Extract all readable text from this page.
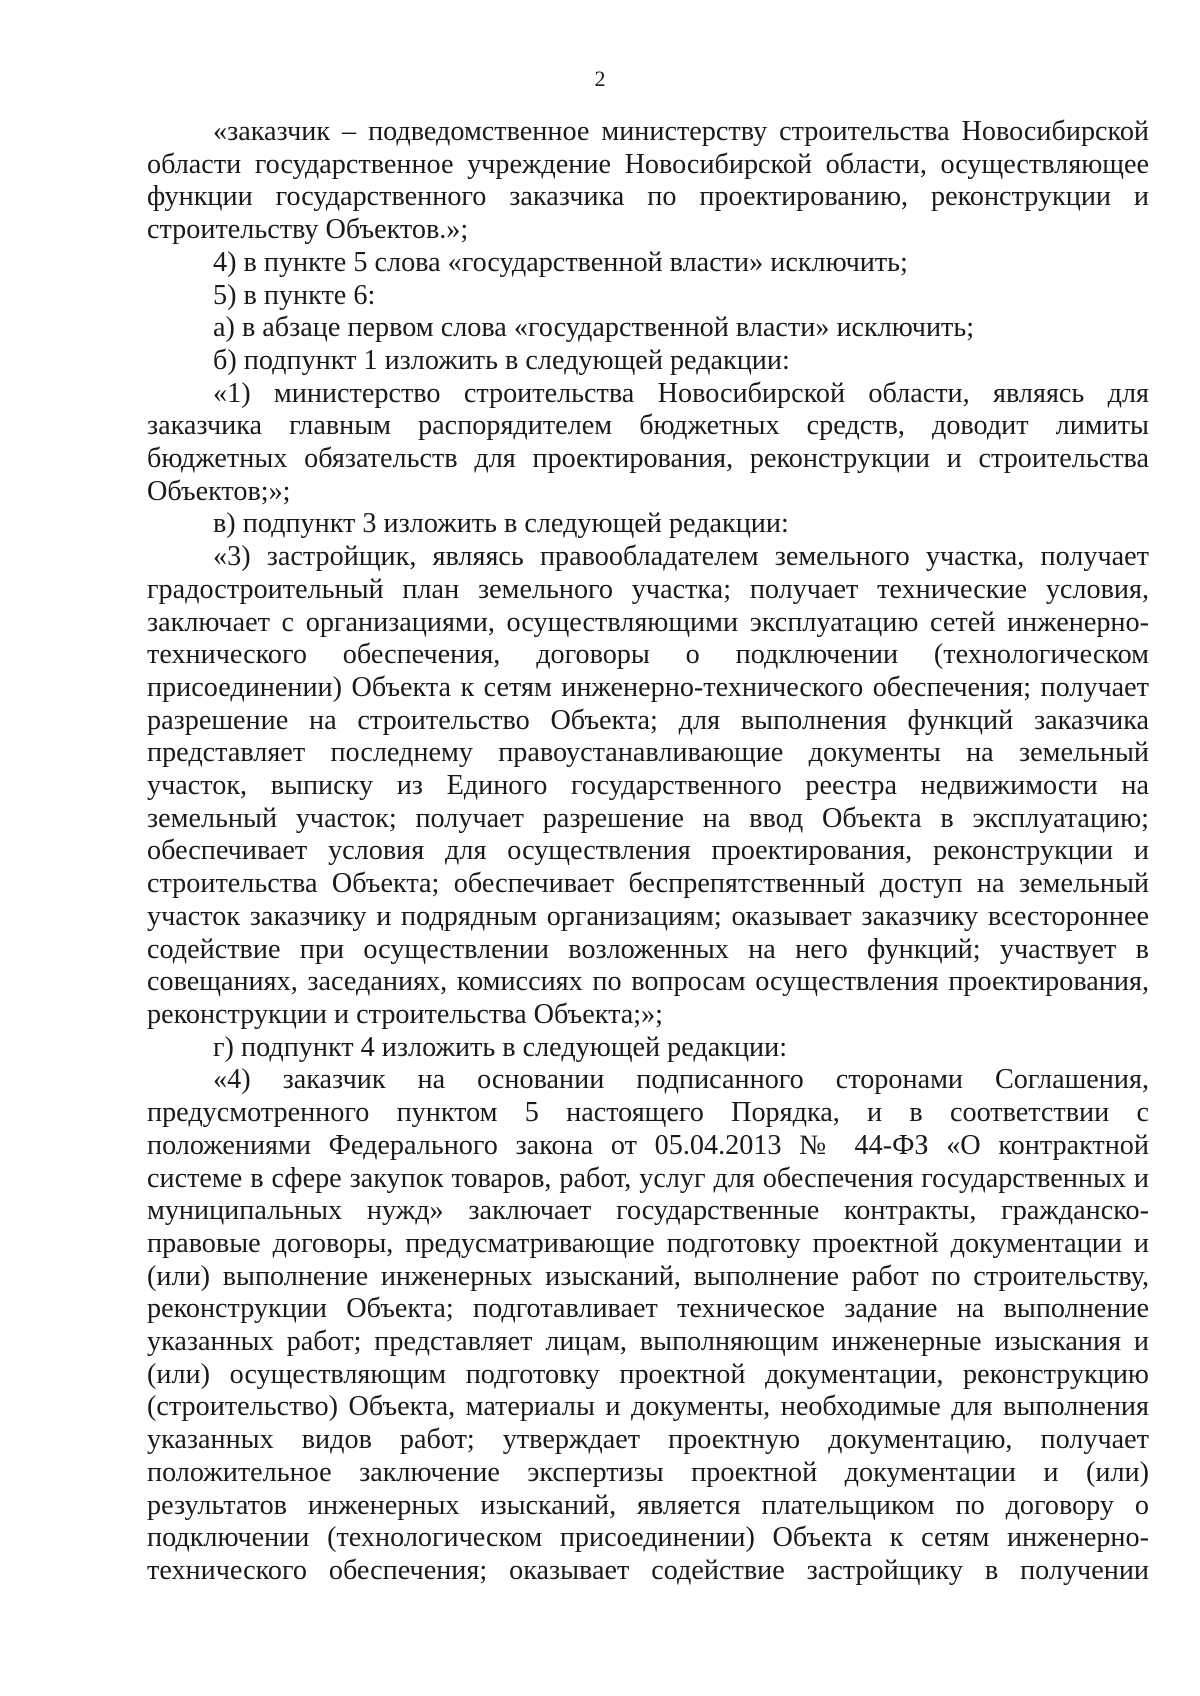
2

«заказчик – подведомственное министерству строительства Новосибирской области государственное учреждение Новосибирской области, осуществляющее функции государственного заказчика по проектированию, реконструкции и строительству Объектов.»;

4) в пункте 5 слова «государственной власти» исключить;

5) в пункте 6:

а) в абзаце первом слова «государственной власти» исключить;

б) подпункт 1 изложить в следующей редакции:

«1) министерство строительства Новосибирской области, являясь для заказчика главным распорядителем бюджетных средств, доводит лимиты бюджетных обязательств для проектирования, реконструкции и строительства Объектов;»;

в) подпункт 3 изложить в следующей редакции:

«3) застройщик, являясь правообладателем земельного участка, получает градостроительный план земельного участка; получает технические условия, заключает с организациями, осуществляющими эксплуатацию сетей инженерно-технического обеспечения, договоры о подключении (технологическом присоединении) Объекта к сетям инженерно-технического обеспечения; получает разрешение на строительство Объекта; для выполнения функций заказчика представляет последнему правоустанавливающие документы на земельный участок, выписку из Единого государственного реестра недвижимости на земельный участок; получает разрешение на ввод Объекта в эксплуатацию; обеспечивает условия для осуществления проектирования, реконструкции и строительства Объекта; обеспечивает беспрепятственный доступ на земельный участок заказчику и подрядным организациям; оказывает заказчику всестороннее содействие при осуществлении возложенных на него функций; участвует в совещаниях, заседаниях, комиссиях по вопросам осуществления проектирования, реконструкции и строительства Объекта;»;

г) подпункт 4 изложить в следующей редакции:

«4) заказчик на основании подписанного сторонами Соглашения, предусмотренного пунктом 5 настоящего Порядка, и в соответствии с положениями Федерального закона от 05.04.2013 № 44-ФЗ «О контрактной системе в сфере закупок товаров, работ, услуг для обеспечения государственных и муниципальных нужд» заключает государственные контракты, гражданско-правовые договоры, предусматривающие подготовку проектной документации и (или) выполнение инженерных изысканий, выполнение работ по строительству, реконструкции Объекта; подготавливает техническое задание на выполнение указанных работ; представляет лицам, выполняющим инженерные изыскания и (или) осуществляющим подготовку проектной документации, реконструкцию (строительство) Объекта, материалы и документы, необходимые для выполнения указанных видов работ; утверждает проектную документацию, получает положительное заключение экспертизы проектной документации и (или) результатов инженерных изысканий, является плательщиком по договору о подключении (технологическом присоединении) Объекта к сетям инженерно-технического обеспечения; оказывает содействие застройщику в получении
